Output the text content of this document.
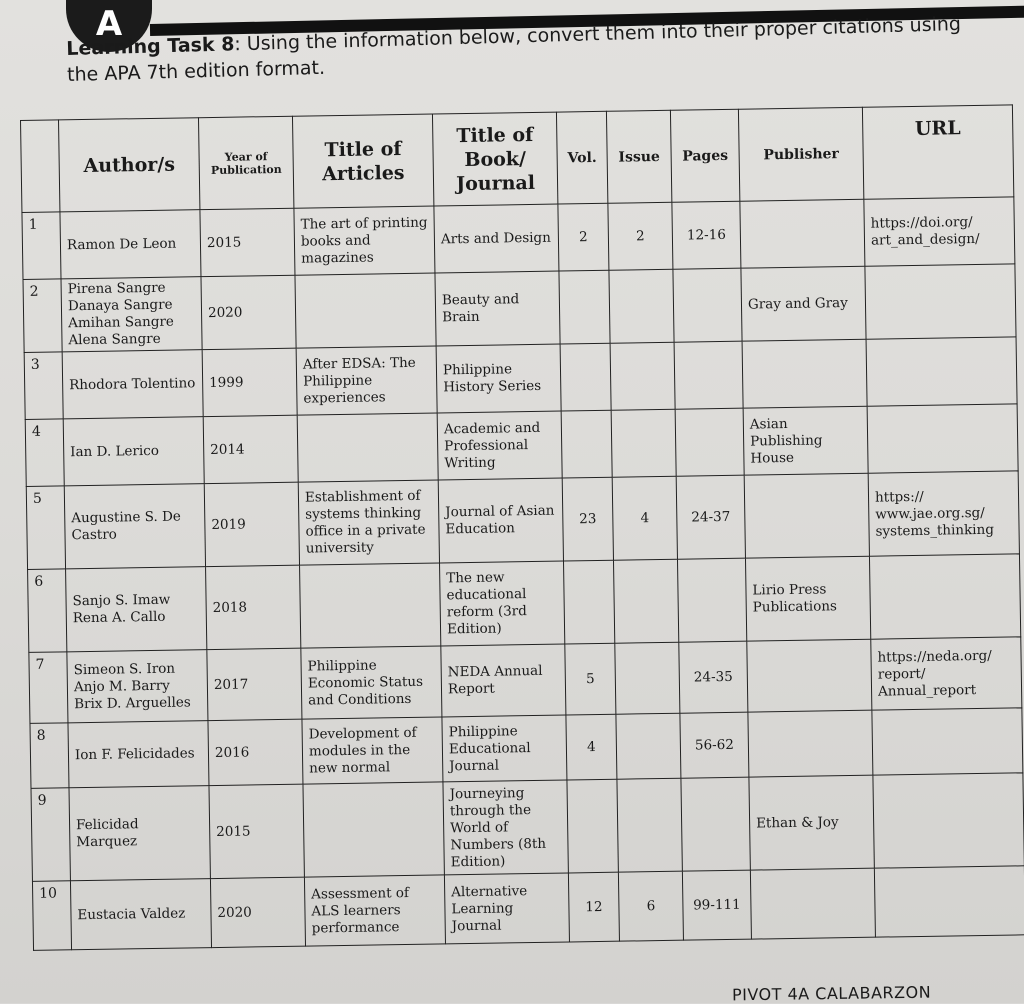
A
Learning Task 8: Using the information below, convert them into their proper citations using the APA 7th edition format.
	Author/s	Year of Publication	Title of Articles	Title of Book/ Journal	Vol.	Issue	Pages	Publisher	URL

1	Ramon De Leon	2015	The art of printing books and magazines	Arts and Design	2	2	12-16		https://doi.org/ art_and_design/

2	Pirena Sangre Danaya Sangre Amihan Sangre Alena Sangre	2020		Beauty and Brain				Gray and Gray	

3	Rhodora Tolentino	1999	After EDSA: The Philippine experiences	Philippine History Series					

4	Ian D. Lerico	2014		Academic and Professional Writing				Asian Publishing House	

5	Augustine S. De Castro	2019	Establishment of systems thinking office in a private university	Journal of Asian Education	23	4	24-37		https:// www.jae.org.sg/ systems_thinking

6	Sanjo S. Imaw Rena A. Callo	2018		The new educational reform (3rd Edition)				Lirio Press Publications	

7	Simeon S. Iron Anjo M. Barry Brix D. Arguelles	2017	Philippine Economic Status and Conditions	NEDA Annual Report	5		24-35		https://neda.org/ report/ Annual_report

8	Ion F. Felicidades	2016	Development of modules in the new normal	Philippine Educational Journal	4		56-62		

9	Felicidad Marquez	2015		Journeying through the World of Numbers (8th Edition)				Ethan & Joy	

10	Eustacia Valdez	2020	Assessment of ALS learners performance	Alternative Learning Journal	12	6	99-111		
PIVOT 4A CALABARZON
